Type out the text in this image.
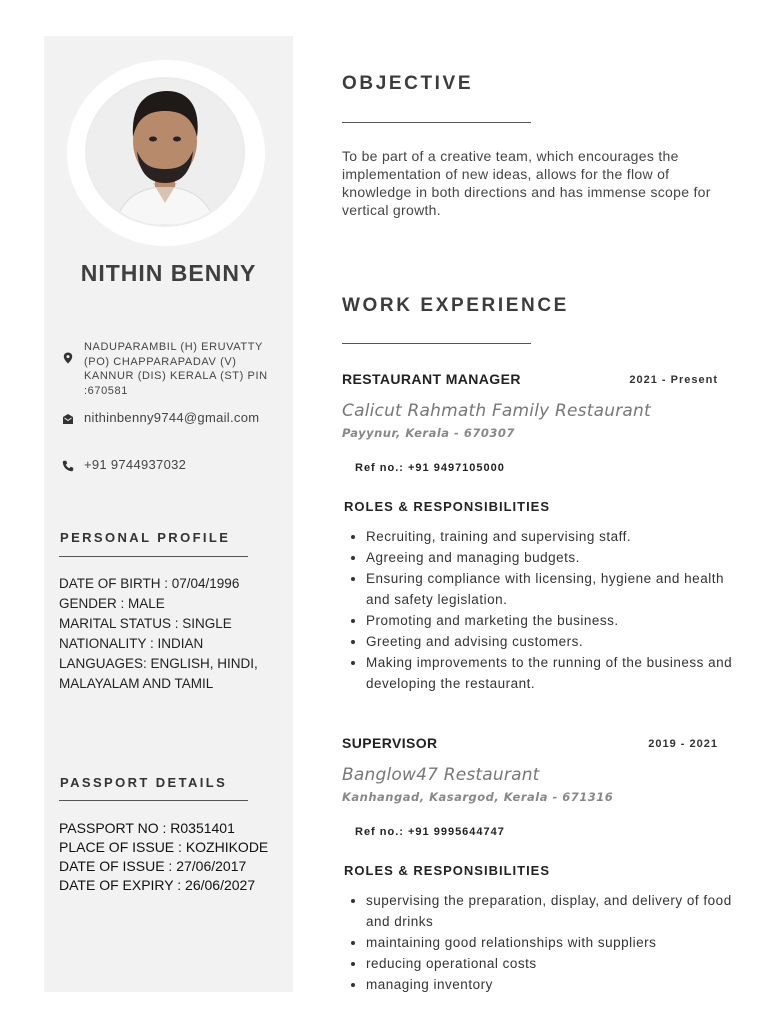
NITHIN BENNY
NADUPARAMBIL (H) ERUVATTY (PO) CHAPPARAPADAV (V) KANNUR (DIS) KERALA (ST) PIN :670581
nithinbenny9744@gmail.com
+91 9744937032
PERSONAL PROFILE
DATE OF BIRTH : 07/04/1996
GENDER : MALE
MARITAL STATUS : SINGLE
NATIONALITY : INDIAN
LANGUAGES: ENGLISH, HINDI,
MALAYALAM AND TAMIL
PASSPORT DETAILS
PASSPORT NO : R0351401
PLACE OF ISSUE : KOZHIKODE
DATE OF ISSUE : 27/06/2017
DATE OF EXPIRY : 26/06/2027
OBJECTIVE
To be part of a creative team, which encourages the implementation of new ideas, allows for the flow of knowledge in both directions and has immense scope for vertical growth.
WORK EXPERIENCE
RESTAURANT MANAGER	2021 - Present
Calicut Rahmath Family Restaurant
Payynur, Kerala - 670307
Ref no.: +91 9497105000
ROLES & RESPONSIBILITIES
• Recruiting, training and supervising staff.
• Agreeing and managing budgets.
• Ensuring compliance with licensing, hygiene and health and safety legislation.
• Promoting and marketing the business.
• Greeting and advising customers.
• Making improvements to the running of the business and developing the restaurant.
SUPERVISOR	2019 - 2021
Banglow47 Restaurant
Kanhangad, Kasargod, Kerala - 671316
Ref no.: +91 9995644747
ROLES & RESPONSIBILITIES
• supervising the preparation, display, and delivery of food and drinks
• maintaining good relationships with suppliers
• reducing operational costs
• managing inventory
